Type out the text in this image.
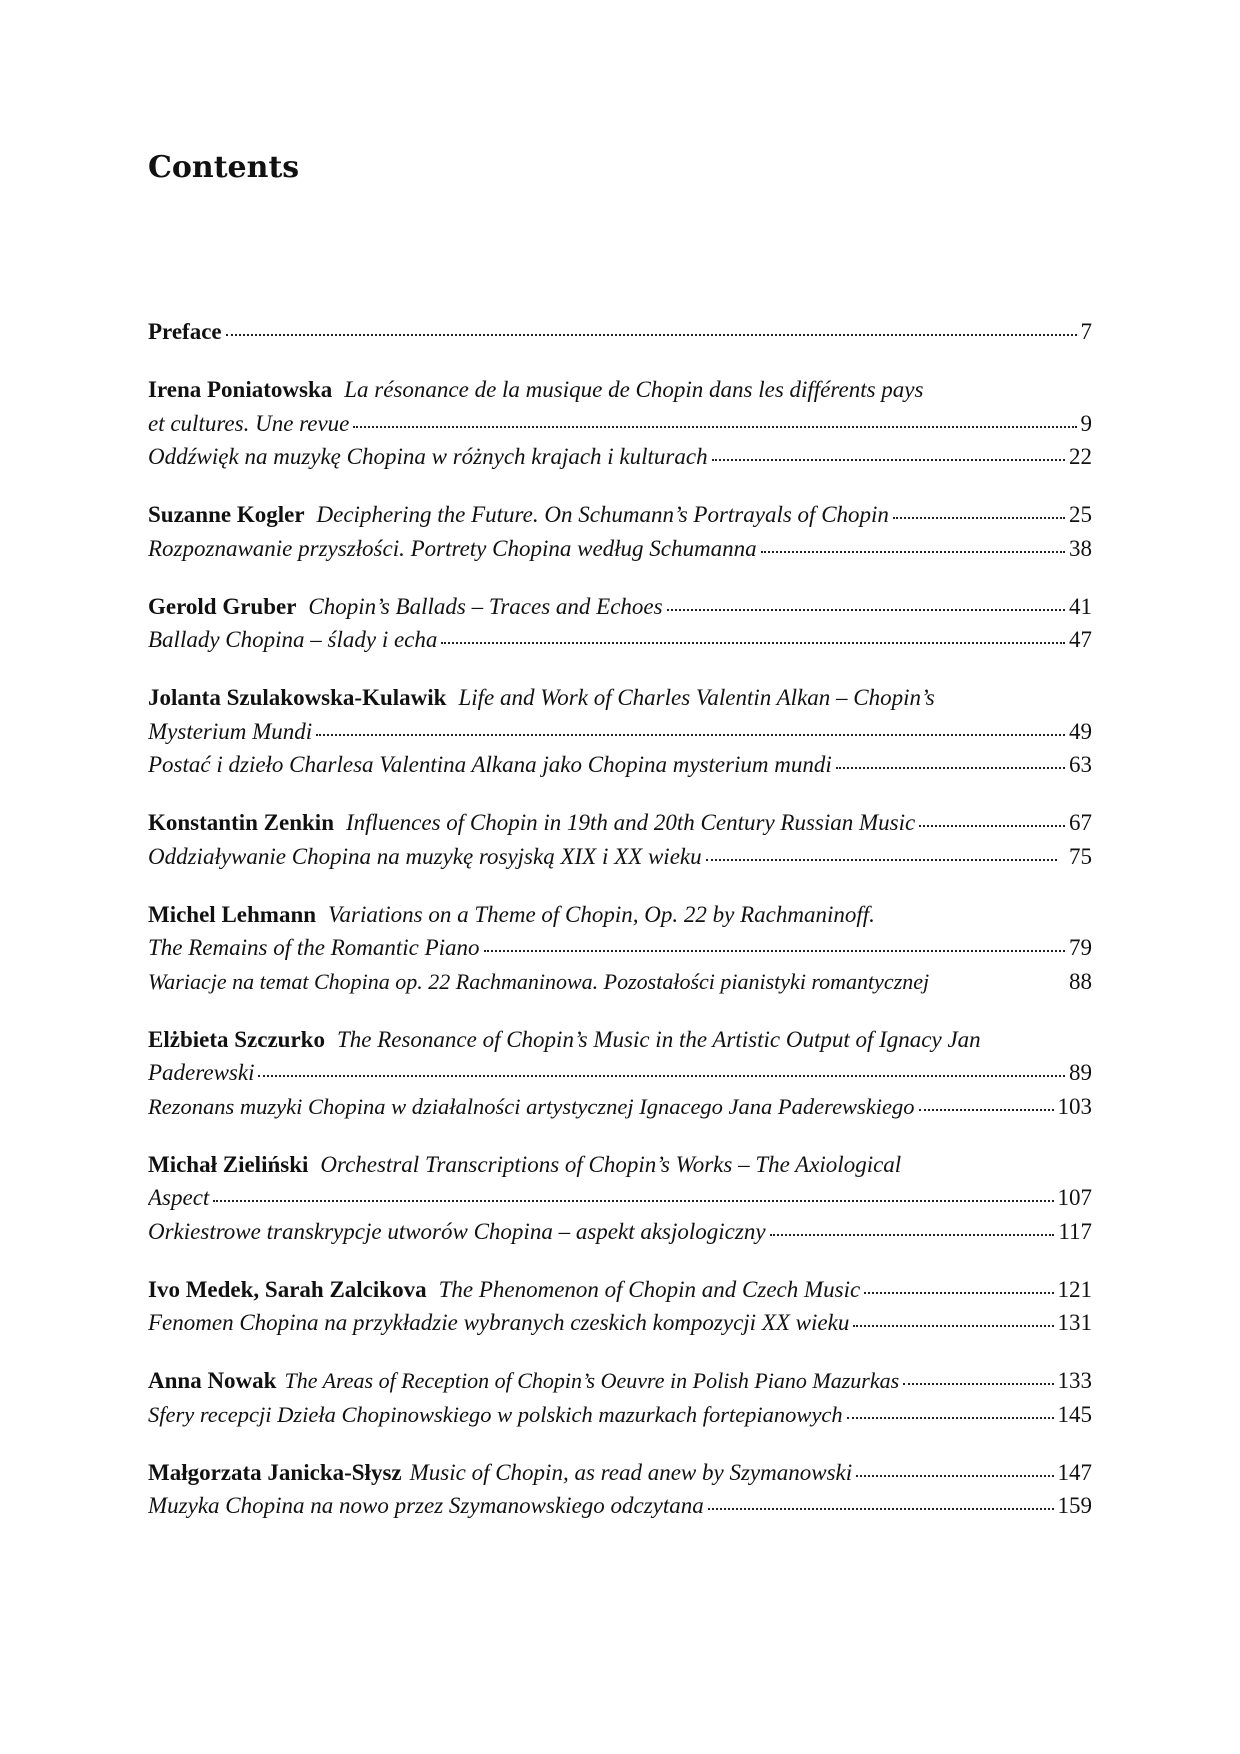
Contents
Preface	7
Irena Poniatowska La résonance de la musique de Chopin dans les différents pays
et cultures. Une revue	9
Oddźwięk na muzykę Chopina w różnych krajach i kulturach	22
Suzanne Kogler Deciphering the Future. On Schumann’s Portrayals of Chopin	25
Rozpoznawanie przyszłości. Portrety Chopina według Schumanna	38
Gerold Gruber Chopin’s Ballads – Traces and Echoes	41
Ballady Chopina – ślady i echa	47
Jolanta Szulakowska-Kulawik Life and Work of Charles Valentin Alkan – Chopin’s
Mysterium Mundi	49
Postać i dzieło Charlesa Valentina Alkana jako Chopina mysterium mundi	63
Konstantin Zenkin Influences of Chopin in 19th and 20th Century Russian Music	67
Oddziaływanie Chopina na muzykę rosyjską XIX i XX wieku	75
Michel Lehmann Variations on a Theme of Chopin, Op. 22 by Rachmaninoff.
The Remains of the Romantic Piano	79
Wariacje na temat Chopina op. 22 Rachmaninowa. Pozostałości pianistyki romantycznej	88
Elżbieta Szczurko The Resonance of Chopin’s Music in the Artistic Output of Ignacy Jan
Paderewski	89
Rezonans muzyki Chopina w działalności artystycznej Ignacego Jana Paderewskiego	103
Michał Zieliński Orchestral Transcriptions of Chopin’s Works – The Axiological
Aspect	107
Orkiestrowe transkrypcje utworów Chopina – aspekt aksjologiczny	117
Ivo Medek, Sarah Zalcikova The Phenomenon of Chopin and Czech Music	121
Fenomen Chopina na przykładzie wybranych czeskich kompozycji XX wieku	131
Anna Nowak The Areas of Reception of Chopin’s Oeuvre in Polish Piano Mazurkas	133
Sfery recepcji Dzieła Chopinowskiego w polskich mazurkach fortepianowych	145
Małgorzata Janicka-Słysz Music of Chopin, as read anew by Szymanowski	147
Muzyka Chopina na nowo przez Szymanowskiego odczytana	159
